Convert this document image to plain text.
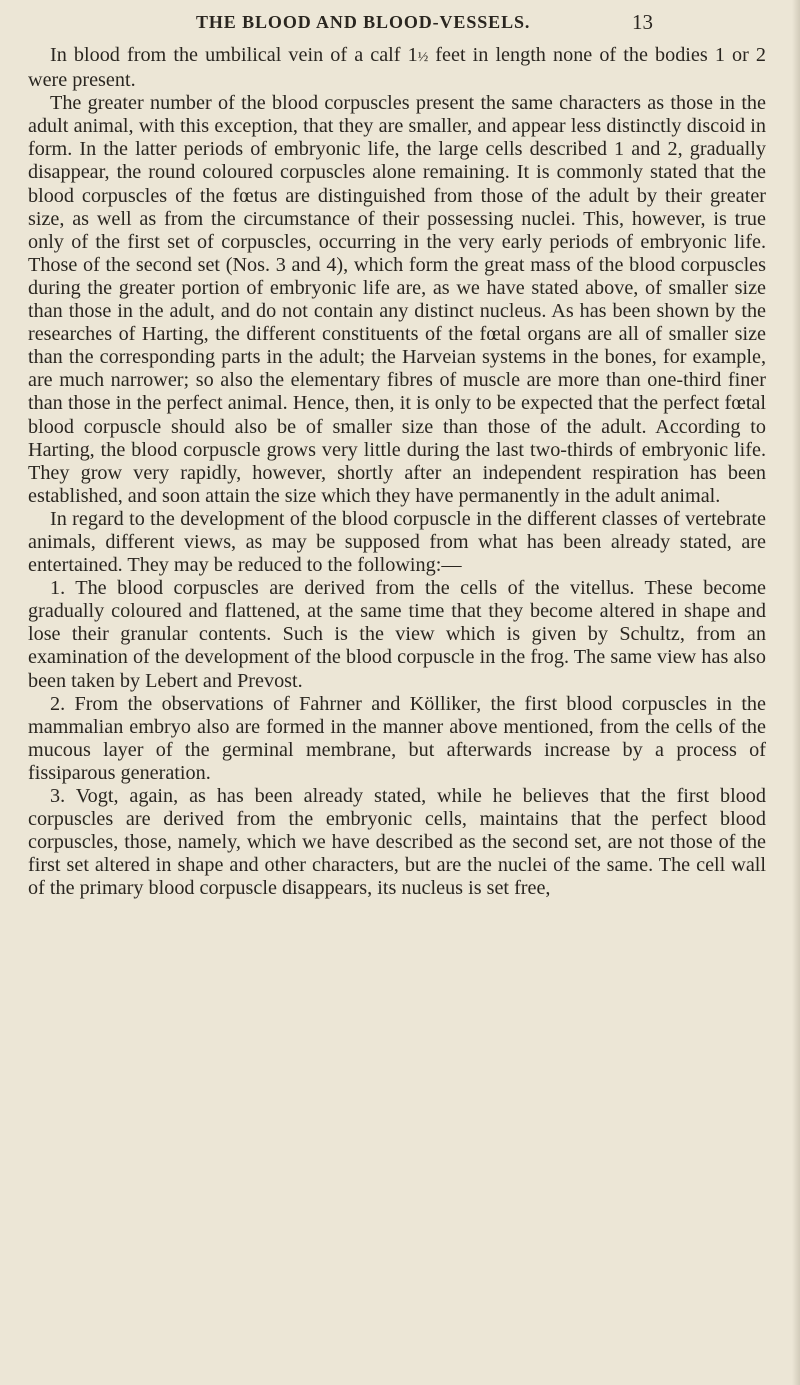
THE BLOOD AND BLOOD-VESSELS.	13

In blood from the umbilical vein of a calf 1½ feet in length none of the bodies 1 or 2 were present.

The greater number of the blood corpuscles present the same characters as those in the adult animal, with this exception, that they are smaller, and appear less distinctly discoid in form. In the latter periods of embryonic life, the large cells described 1 and 2, gradually disappear, the round coloured corpuscles alone remaining. It is commonly stated that the blood corpuscles of the fœtus are distinguished from those of the adult by their greater size, as well as from the circumstance of their possessing nuclei. This, however, is true only of the first set of corpuscles, occurring in the very early periods of embryonic life. Those of the second set (Nos. 3 and 4), which form the great mass of the blood corpuscles during the greater portion of embryonic life are, as we have stated above, of smaller size than those in the adult, and do not contain any distinct nucleus. As has been shown by the researches of Harting, the different constituents of the fœtal organs are all of smaller size than the corresponding parts in the adult; the Harveian systems in the bones, for example, are much narrower; so also the elementary fibres of muscle are more than one-third finer than those in the perfect animal. Hence, then, it is only to be expected that the perfect fœtal blood corpuscle should also be of smaller size than those of the adult. According to Harting, the blood corpuscle grows very little during the last two-thirds of embryonic life. They grow very rapidly, however, shortly after an independent respiration has been established, and soon attain the size which they have permanently in the adult animal.

In regard to the development of the blood corpuscle in the different classes of vertebrate animals, different views, as may be supposed from what has been already stated, are entertained. They may be reduced to the following:—

1. The blood corpuscles are derived from the cells of the vitellus. These become gradually coloured and flattened, at the same time that they become altered in shape and lose their granular contents. Such is the view which is given by Schultz, from an examination of the development of the blood corpuscle in the frog. The same view has also been taken by Lebert and Prevost.

2. From the observations of Fahrner and Kölliker, the first blood corpuscles in the mammalian embryo also are formed in the manner above mentioned, from the cells of the mucous layer of the germinal membrane, but afterwards increase by a process of fissiparous generation.

3. Vogt, again, as has been already stated, while he believes that the first blood corpuscles are derived from the embryonic cells, maintains that the perfect blood corpuscles, those, namely, which we have described as the second set, are not those of the first set altered in shape and other characters, but are the nuclei of the same. The cell wall of the primary blood corpuscle disappears, its nucleus is set free,
